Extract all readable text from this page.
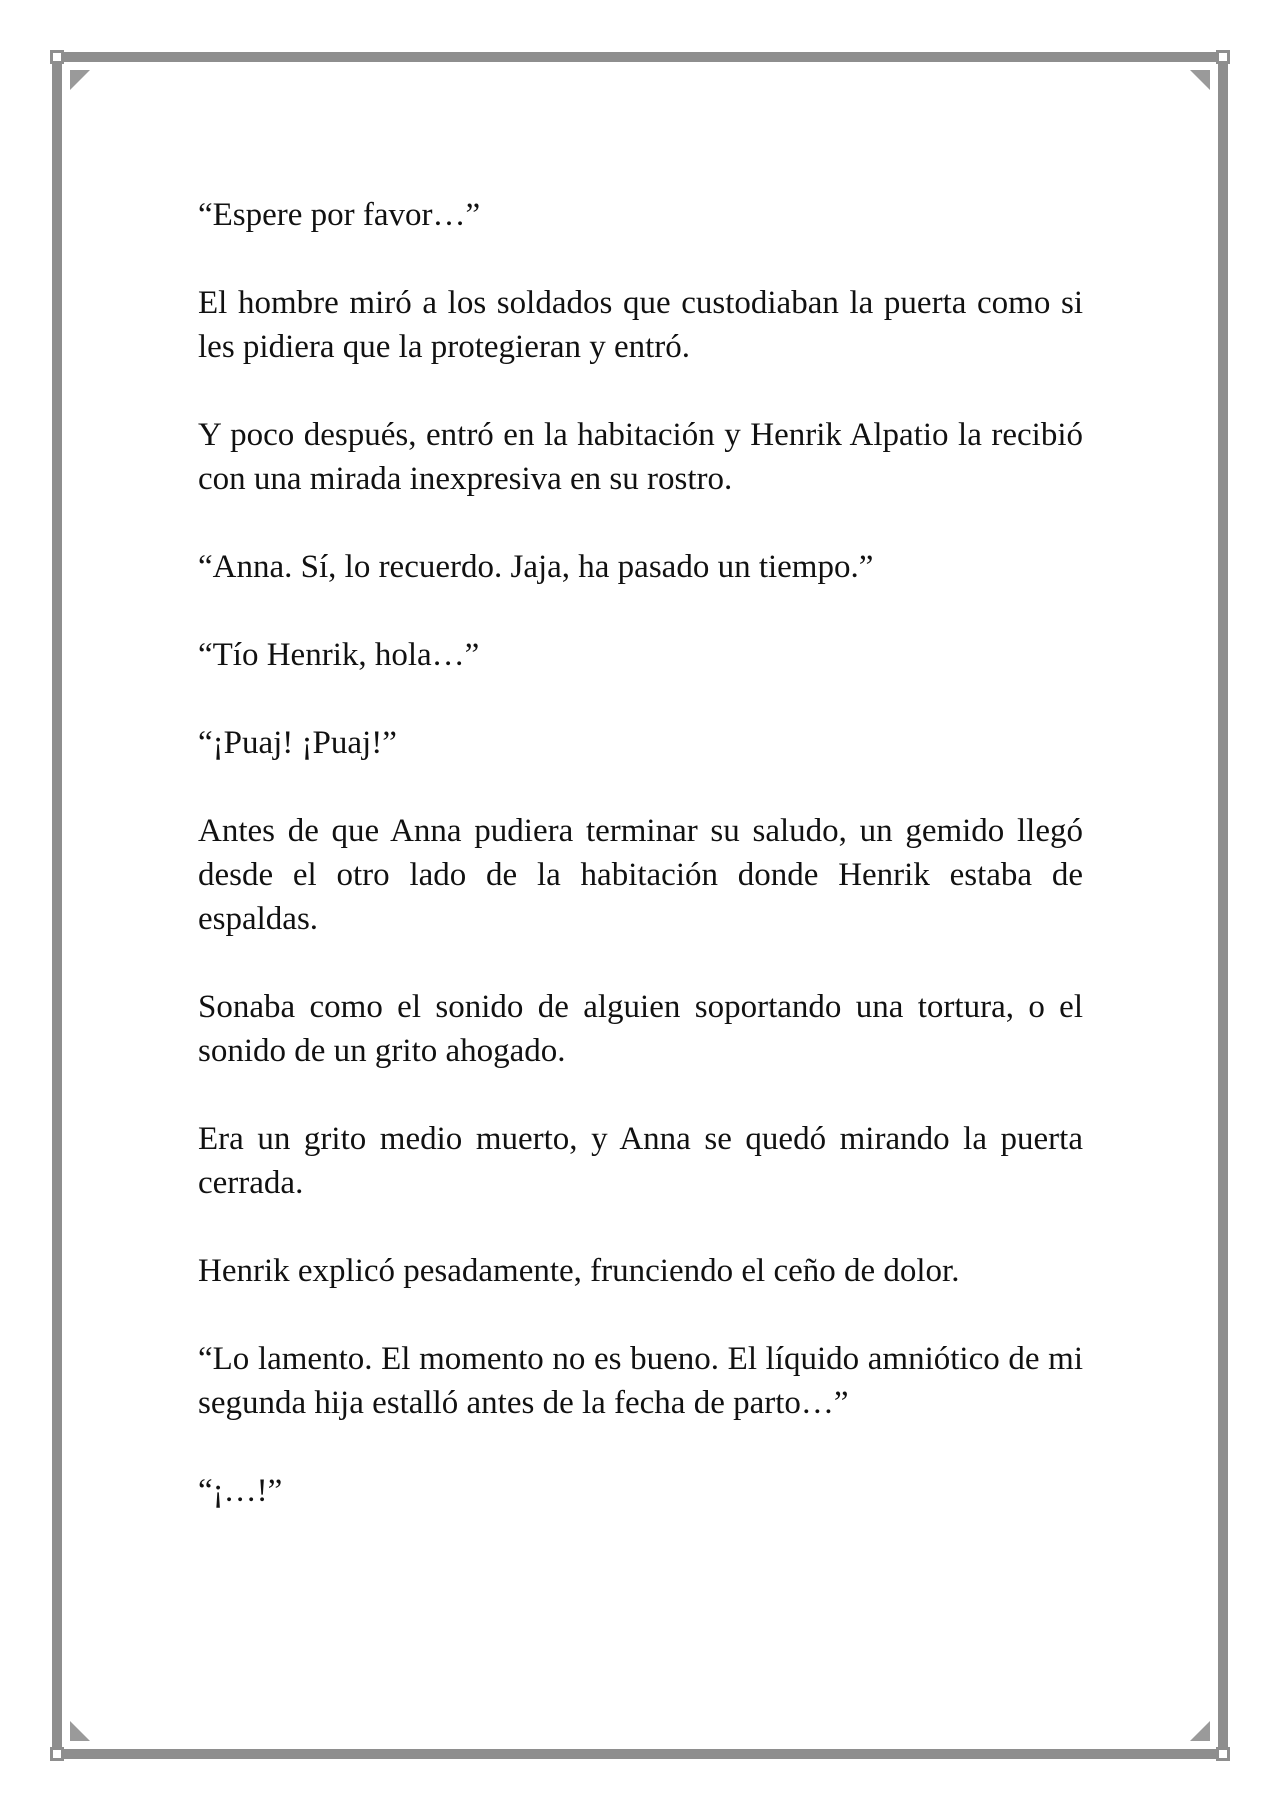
“Espere por favor…”

El hombre miró a los soldados que custodiaban la puerta como si les pidiera que la protegieran y entró.

Y poco después, entró en la habitación y Henrik Alpatio la recibió con una mirada inexpresiva en su rostro.

“Anna. Sí, lo recuerdo. Jaja, ha pasado un tiempo.”

“Tío Henrik, hola…”

“¡Puaj! ¡Puaj!”

Antes de que Anna pudiera terminar su saludo, un gemido llegó desde el otro lado de la habitación donde Henrik estaba de espaldas.

Sonaba como el sonido de alguien soportando una tortura, o el sonido de un grito ahogado.

Era un grito medio muerto, y Anna se quedó mirando la puerta cerrada.

Henrik explicó pesadamente, frunciendo el ceño de dolor.

“Lo lamento. El momento no es bueno. El líquido amniótico de mi segunda hija estalló antes de la fecha de parto…”

“¡…!”
